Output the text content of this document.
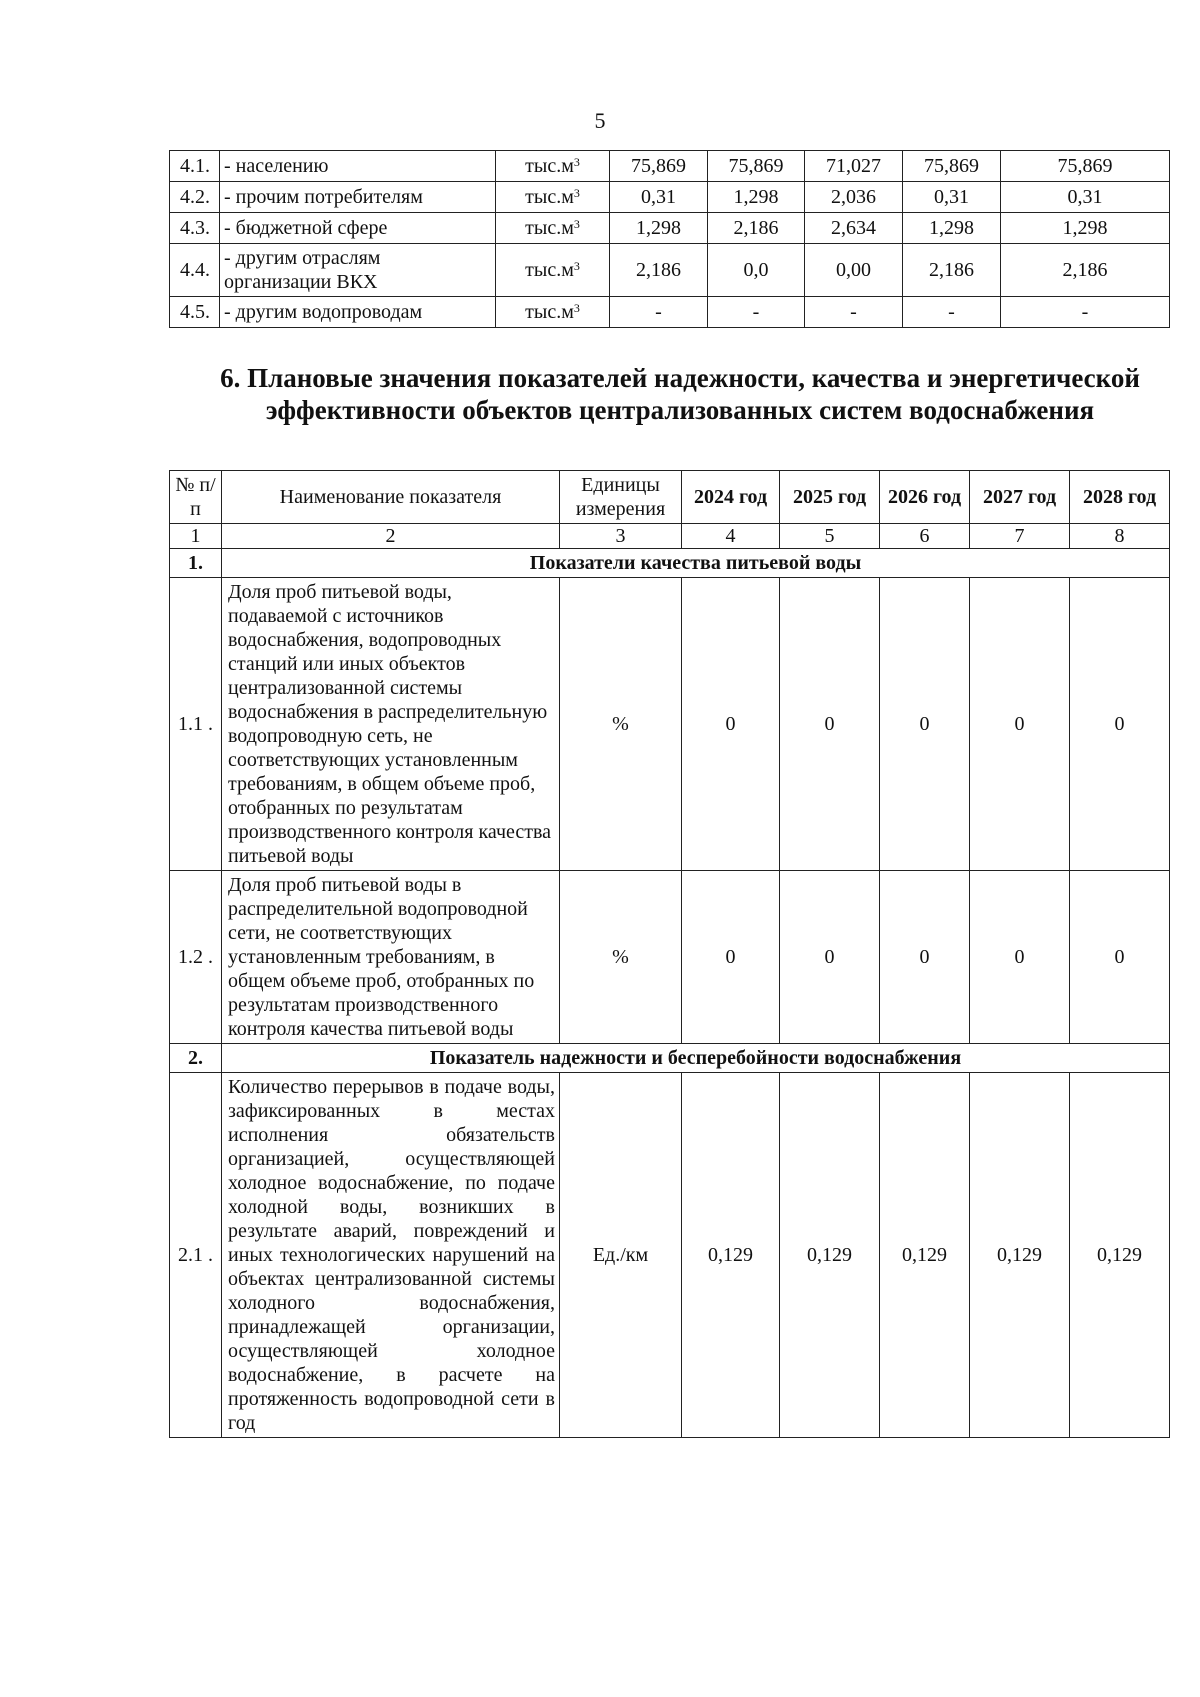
5
4.1.	- населению	$тыс.м^3$	75,869	75,869	71,027	75,869	75,869
4.2.	- прочим потребителям	$тыс.м^3$	0,31	1,298	2,036	0,31	0,31
4.3.	- бюджетной сфере	$тыс.м^3$	1,298	2,186	2,634	1,298	1,298
4.4.	- другим отраслям организации ВКХ	$тыс.м^3$	2,186	0,0	0,00	2,186	2,186
4.5.	- другим водопроводам	$тыс.м^3$	-	-	-	-	-
6. Плановые значения показателей надежности, качества и энергетической эффективности объектов централизованных систем водоснабжения
№ п/п	Наименование показателя	Единицы измерения	2024 год	2025 год	2026 год	2027 год	2028 год
1	2	3	4	5	6	7	8
1.	Показатели качества питьевой воды						
1.1 .	Доля проб питьевой воды, подаваемой с источников водоснабжения, водопроводных станций или иных объектов централизованной системы водоснабжения в распределительную водопроводную сеть, не соответствующих установленным требованиям, в общем объеме проб, отобранных по результатам производственного контроля качества питьевой воды	%	0	0	0	0	0
1.2 .	Доля проб питьевой воды в распределительной водопроводной сети, не соответствующих установленным требованиям, в общем объеме проб, отобранных по результатам производственного контроля качества питьевой воды	%	0	0	0	0	0
2.	Показатель надежности и бесперебойности водоснабжения						
2.1 .	Количество перерывов в подаче воды, зафиксированных в местах исполнения обязательств организацией, осуществляющей холодное водоснабжение, по подаче холодной воды, возникших в результате аварий, повреждений и иных технологических нарушений на объектах централизованной системы холодного водоснабжения, принадлежащей организации, осуществляющей холодное водоснабжение, в расчете на протяженность водопроводной сети в год	Ед./км	0,129	0,129	0,129	0,129	0,129
